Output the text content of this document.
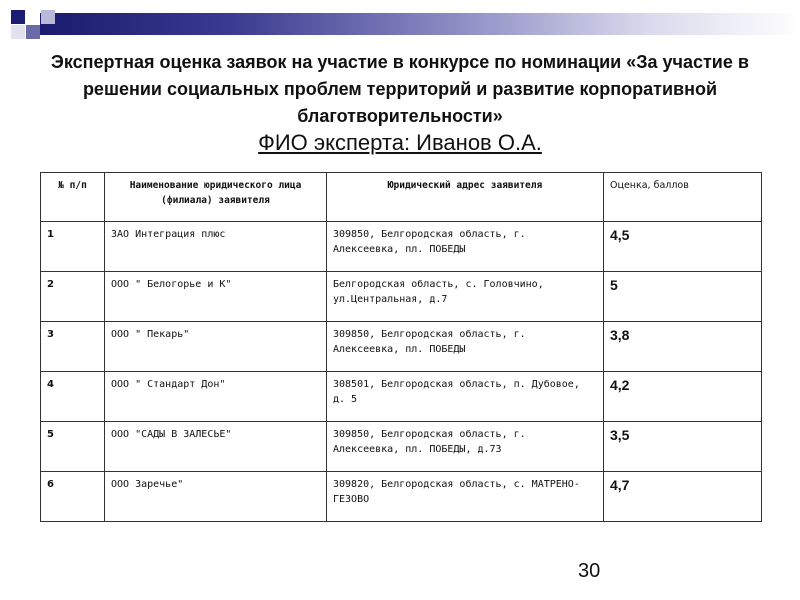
Экспертная оценка заявок на участие в конкурсе по номинации «За участие в решении социальных проблем территорий и развитие корпоративной благотворительности»
ФИО эксперта: Иванов О.А.
№ п/п	Наименование юридического лица (филиала) заявителя	Юридический адрес заявителя	Оценка, баллов
1	ЗАО Интеграция плюс	309850, Белгородская область, г. Алексеевка, пл. ПОБЕДЫ	4,5
2	ООО " Белогорье и К"	Белгородская область, с. Головчино, ул.Центральная, д.7	5
3	ООО " Пекарь"	309850, Белгородская область, г. Алексеевка, пл. ПОБЕДЫ	3,8
4	ООО " Стандарт Дон"	308501, Белгородская область, п. Дубовое, д. 5	4,2
5	ООО "САДЫ В ЗАЛЕСЬЕ"	309850, Белгородская область, г. Алексеевка, пл. ПОБЕДЫ, д.73	3,5
6	ООО Заречье"	309820, Белгородская область, с. МАТРЕНО-ГЕЗОВО	4,7
30
